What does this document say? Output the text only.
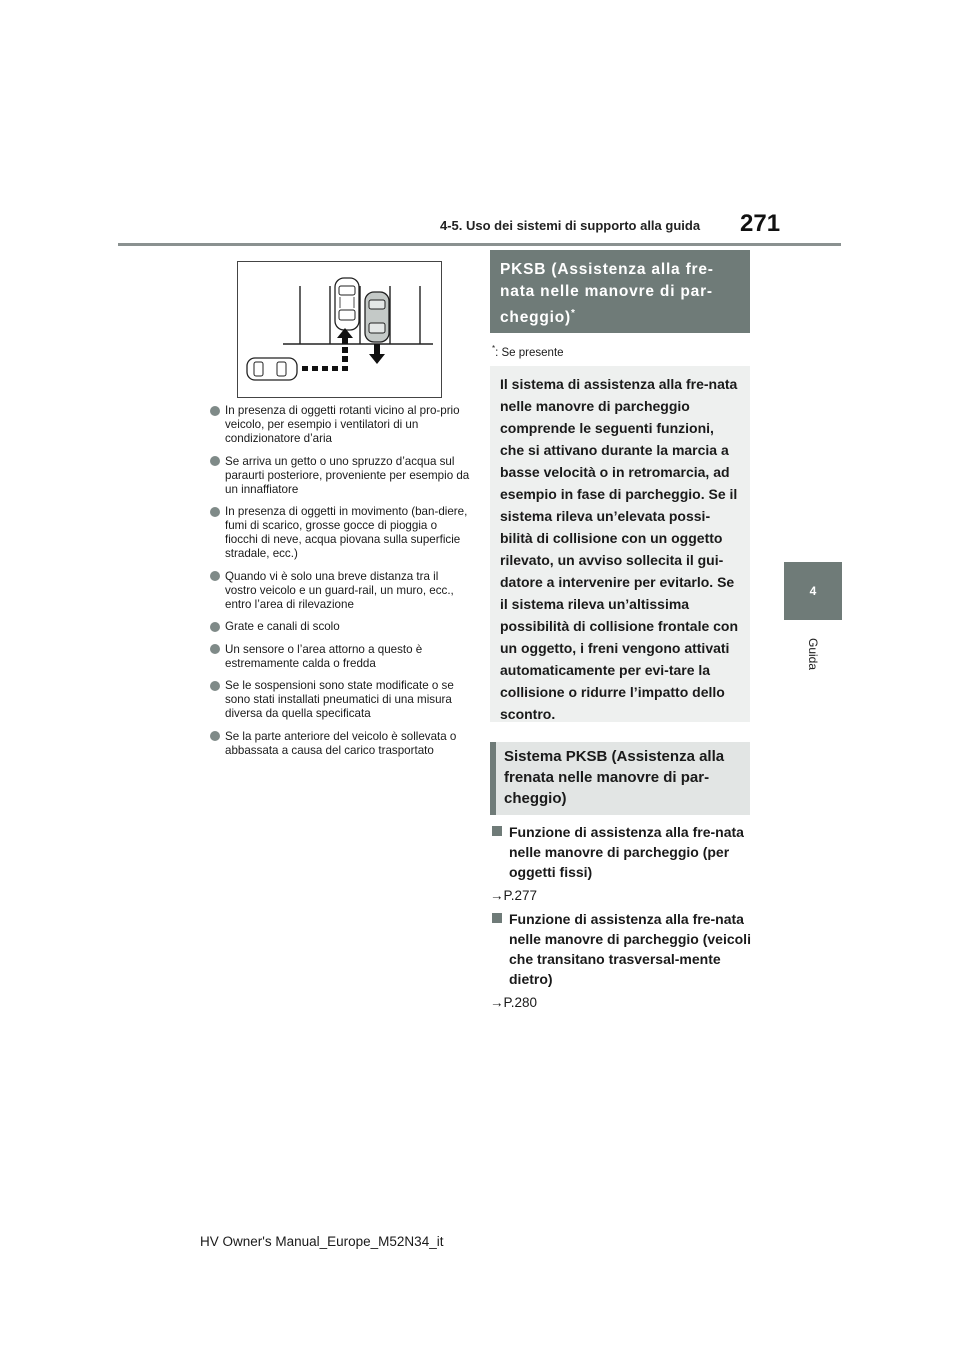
4-5. Uso dei sistemi di supporto alla guida 271
4
Guida
In presenza di oggetti rotanti vicino al pro-prio veicolo, per esempio i ventilatori di un condizionatore d’aria
Se arriva un getto o uno spruzzo d’acqua sul paraurti posteriore, proveniente per esempio da un innaffiatore
In presenza di oggetti in movimento (ban-diere, fumi di scarico, grosse gocce di pioggia o fiocchi di neve, acqua piovana sulla superficie stradale, ecc.)
Quando vi è solo una breve distanza tra il vostro veicolo e un guard-rail, un muro, ecc., entro l’area di rilevazione
Grate e canali di scolo
Un sensore o l’area attorno a questo è estremamente calda o fredda
Se le sospensioni sono state modificate o se sono stati installati pneumatici di una misura diversa da quella specificata
Se la parte anteriore del veicolo è sollevata o abbassata a causa del carico trasportato
PKSB (Assistenza alla fre-nata nelle manovre di par-cheggio)*
*: Se presente
Il sistema di assistenza alla fre-nata nelle manovre di parcheggio comprende le seguenti funzioni, che si attivano durante la marcia a basse velocità o in retromarcia, ad esempio in fase di parcheggio. Se il sistema rileva un’elevata possi-bilità di collisione con un oggetto rilevato, un avviso sollecita il gui-datore a intervenire per evitarlo. Se il sistema rileva un’altissima possibilità di collisione frontale con un oggetto, i freni vengono attivati automaticamente per evi-tare la collisione o ridurre l’impatto dello scontro.
Sistema PKSB (Assistenza alla frenata nelle manovre di par-cheggio)
Funzione di assistenza alla fre-nata nelle manovre di parcheggio (per oggetti fissi)
→P.277
Funzione di assistenza alla fre-nata nelle manovre di parcheggio (veicoli che transitano trasversal-mente dietro)
→P.280
HV Owner's Manual_Europe_M52N34_it
